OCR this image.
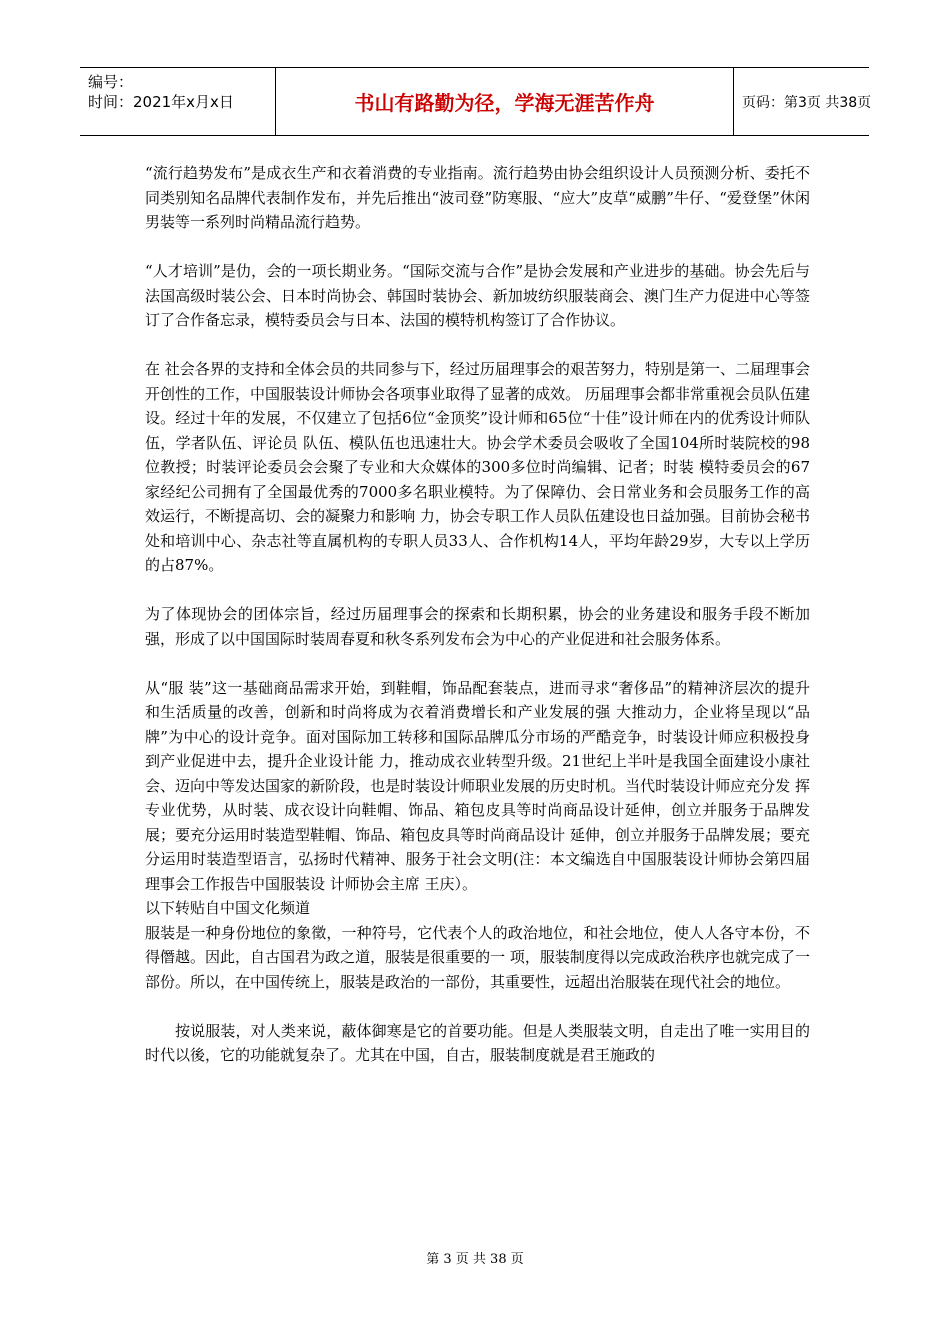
编号：
时间：2021年x月x日	书山有路勤为径，学海无涯苦作舟	页码：第3页 共38页

“流行趋势发布”是成衣生产和衣着消费的专业指南。流行趋势由协会组织设计人员预测分析、委托不同类别知名品牌代表制作发布，并先后推出“波司登”防寒服、“应大”皮草“威鹏”牛仔、“爱登堡”休闲男装等一系列时尚精品流行趋势。

“人才培训”是仂，会的一项长期业务。“国际交流与合作”是协会发展和产业进步的基础。协会先后与法国高级时装公会、日本时尚协会、韩国时装协会、新加坡纺织服装商会、澳门生产力促进中心等签订了合作备忘录，模特委员会与日本、法国的模特机构签订了合作协议。

在 社会各界的支持和全体会员的共同参与下，经过历届理事会的艰苦努力，特别是第一、二届理事会开创性的工作，中国服装设计师协会各项事业取得了显著的成效。 历届理事会都非常重视会员队伍建设。经过十年的发展，不仅建立了包括6位“金顶奖”设计师和65位“十佳”设计师在内的优秀设计师队伍，学者队伍、评论员 队伍、模队伍也迅速壮大。协会学术委员会吸收了全国104所时装院校的98位教授；时装评论委员会会聚了专业和大众媒体的300多位时尚编辑、记者；时装 模特委员会的67家经纪公司拥有了全国最优秀的7000多名职业模特。为了保障仂、会日常业务和会员服务工作的高效运行，不断提高切、会的凝聚力和影响 力，协会专职工作人员队伍建设也日益加强。目前协会秘书处和培训中心、杂志社等直属机构的专职人员33人、合作机构14人，平均年龄29岁，大专以上学历的占87%。

为了体现协会的团体宗旨，经过历届理事会的探索和长期积累，协会的业务建设和服务手段不断加强，形成了以中国国际时装周春夏和秋冬系列发布会为中心的产业促进和社会服务体系。

从“服 装”这一基础商品需求开始，到鞋帽，饰品配套装点，进而寻求“奢侈品”的精神济层次的提升和生活质量的改善，创新和时尚将成为衣着消费增长和产业发展的强 大推动力，企业将呈现以“品牌”为中心的设计竞争。面对国际加工转移和国际品牌瓜分市场的严酷竞争，时装设计师应积极投身到产业促进中去，提升企业设计能 力，推动成衣业转型升级。21世纪上半叶是我国全面建设小康社会、迈向中等发达国家的新阶段，也是时装设计师职业发展的历史时机。当代时装设计师应充分发 挥专业优势，从时装、成衣设计向鞋帽、饰品、箱包皮具等时尚商品设计延伸，创立并服务于品牌发展；要充分运用时装造型鞋帽、饰品、箱包皮具等时尚商品设计 延伸，创立并服务于品牌发展；要充分运用时装造型语言，弘扬时代精神、服务于社会文明(注：本文编选自中国服装设计师协会第四届理事会工作报告中国服装设 计师协会主席 王庆）。

以下转贴自中国文化频道

服装是一种身份地位的象徵，一种符号，它代表个人的政治地位，和社会地位，使人人各守本份，不得僭越。因此，自古国君为政之道，服装是很重要的一 项，服装制度得以完成政治秩序也就完成了一部份。所以，在中国传统上，服装是政治的一部份，其重要性，远超出治服装在现代社会的地位。

按说服装，对人类来说，蔽体御寒是它的首要功能。但是人类服装文明，自走出了唯一实用目的时代以後，它的功能就复杂了。尤其在中国，自古，服装制度就是君王施政的

第 3 页 共 38 页
